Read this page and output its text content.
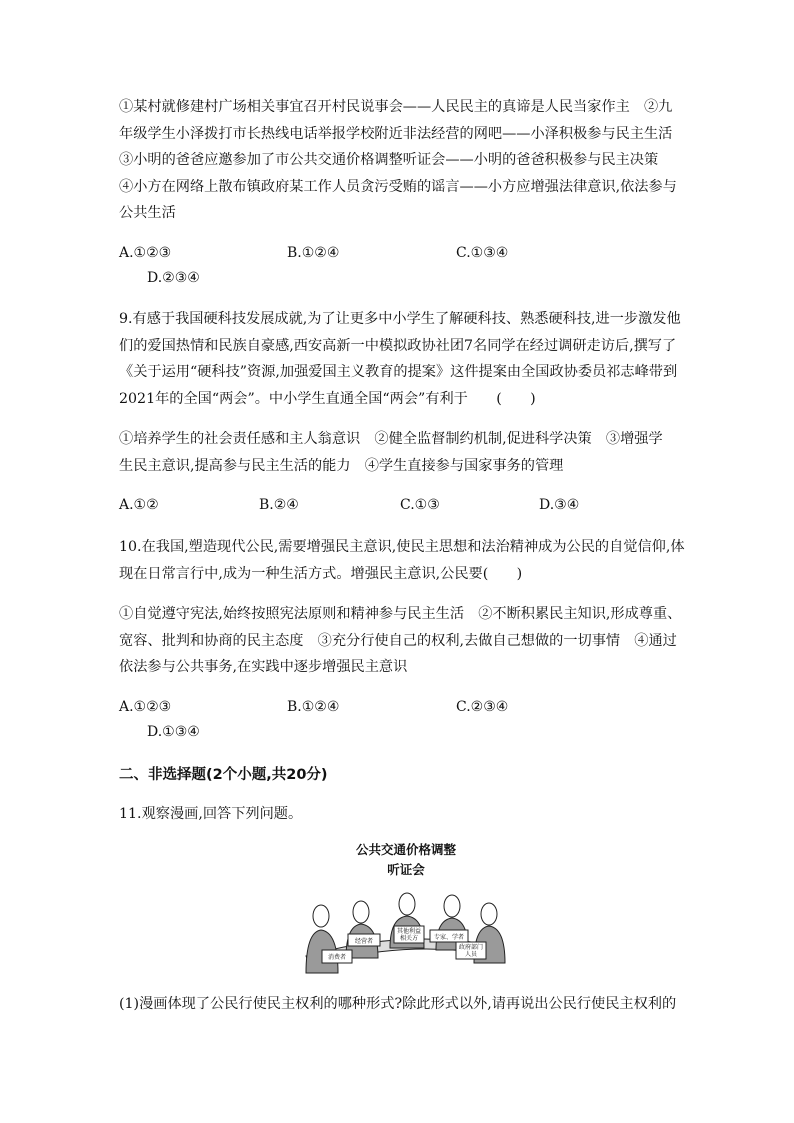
①某村就修建村广场相关事宜召开村民说事会——人民民主的真谛是人民当家作主　②九
年级学生小泽拨打市长热线电话举报学校附近非法经营的网吧——小泽积极参与民主生活
③小明的爸爸应邀参加了市公共交通价格调整听证会——小明的爸爸积极参与民主决策
④小方在网络上散布镇政府某工作人员贪污受贿的谣言——小方应增强法律意识,依法参与
公共生活
A.①②③	B.①②④	C.①③④
D.②③④
9.有感于我国硬科技发展成就,为了让更多中小学生了解硬科技、熟悉硬科技,进一步激发他
们的爱国热情和民族自豪感,西安高新一中模拟政协社团7名同学在经过调研走访后,撰写了
《关于运用“硬科技”资源,加强爱国主义教育的提案》这件提案由全国政协委员祁志峰带到
2021年的全国“两会”。中小学生直通全国“两会”有利于　　(　　)
①培养学生的社会责任感和主人翁意识　②健全监督制约机制,促进科学决策　③增强学
生民主意识,提高参与民主生活的能力　④学生直接参与国家事务的管理
A.①②	B.②④	C.①③	D.③④
10.在我国,塑造现代公民,需要增强民主意识,使民主思想和法治精神成为公民的自觉信仰,体
现在日常言行中,成为一种生活方式。增强民主意识,公民要(　　)
①自觉遵守宪法,始终按照宪法原则和精神参与民主生活　②不断积累民主知识,形成尊重、
宽容、批判和协商的民主态度　③充分行使自己的权利,去做自己想做的一切事情　④通过
依法参与公共事务,在实践中逐步增强民主意识
A.①②③	B.①②④	C.②③④
D.①③④
二、非选择题(2个小题,共20分)
11.观察漫画,回答下列问题。
公共交通价格调整
听证会
消费者
经营者
其他利益
相关方	专家、学者
政府部门
人员
(1)漫画体现了公民行使民主权利的哪种形式?除此形式以外,请再说出公民行使民主权利的
